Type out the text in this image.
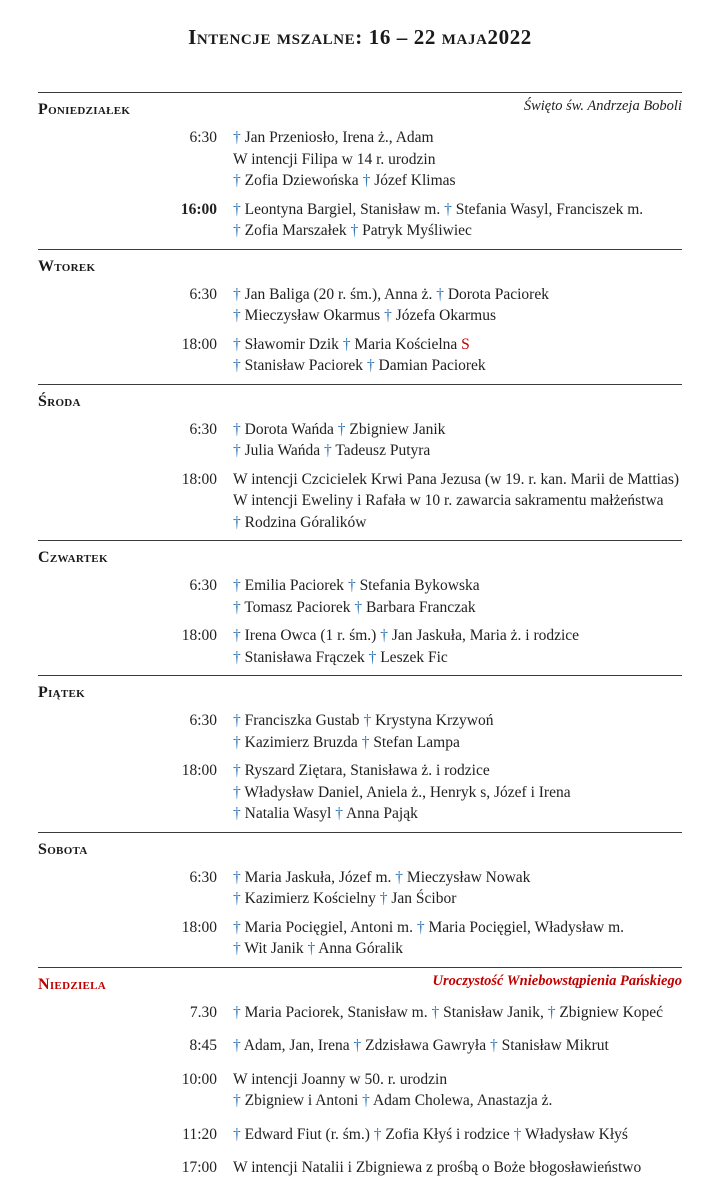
Intencje mszalne: 16 – 22 maja2022
Poniedziałek	Święto św. Andrzeja Boboli
6:30 † Jan Przeniosło, Irena ż., Adam
W intencji Filipa w 14 r. urodzin
† Zofia Dziewońska † Józef Klimas
16:00 † Leontyna Bargiel, Stanisław m. † Stefania Wasyl, Franciszek m.
† Zofia Marszałek † Patryk Myśliwiec
Wtorek
6:30 † Jan Baliga (20 r. śm.), Anna ż. † Dorota Paciorek
† Mieczysław Okarmus † Józefa Okarmus
18:00 † Sławomir Dzik † Maria Kościelna S
† Stanisław Paciorek † Damian Paciorek
Środa
6:30 † Dorota Wańda † Zbigniew Janik
† Julia Wańda † Tadeusz Putyra
18:00 W intencji Czcicielek Krwi Pana Jezusa (w 19. r. kan. Marii de Mattias)
W intencji Eweliny i Rafała w 10 r. zawarcia sakramentu małżeństwa
† Rodzina Góralików
Czwartek
6:30 † Emilia Paciorek † Stefania Bykowska
† Tomasz Paciorek † Barbara Franczak
18:00 † Irena Owca (1 r. śm.) † Jan Jaskuła, Maria ż. i rodzice
† Stanisława Frączek † Leszek Fic
Piątek
6:30 † Franciszka Gustab † Krystyna Krzywoń
† Kazimierz Bruzda † Stefan Lampa
18:00 † Ryszard Ziętara, Stanisława ż. i rodzice
† Władysław Daniel, Aniela ż., Henryk s, Józef i Irena
† Natalia Wasyl † Anna Pająk
Sobota
6:30 † Maria Jaskuła, Józef m. † Mieczysław Nowak
† Kazimierz Kościelny † Jan Ścibor
18:00 † Maria Pocięgiel, Antoni m. † Maria Pocięgiel, Władysław m.
† Wit Janik † Anna Góralik
Niedziela	Uroczystość Wniebowstąpienia Pańskiego
7.30 † Maria Paciorek, Stanisław m. † Stanisław Janik, † Zbigniew Kopeć
8:45 † Adam, Jan, Irena † Zdzisława Gawryła † Stanisław Mikrut
10:00 W intencji Joanny w 50. r. urodzin
† Zbigniew i Antoni † Adam Cholewa, Anastazja ż.
11:20 † Edward Fiut (r. śm.) † Zofia Kłyś i rodzice † Władysław Kłyś
17:00 W intencji Natalii i Zbigniewa z prośbą o Boże błogosławieństwo
